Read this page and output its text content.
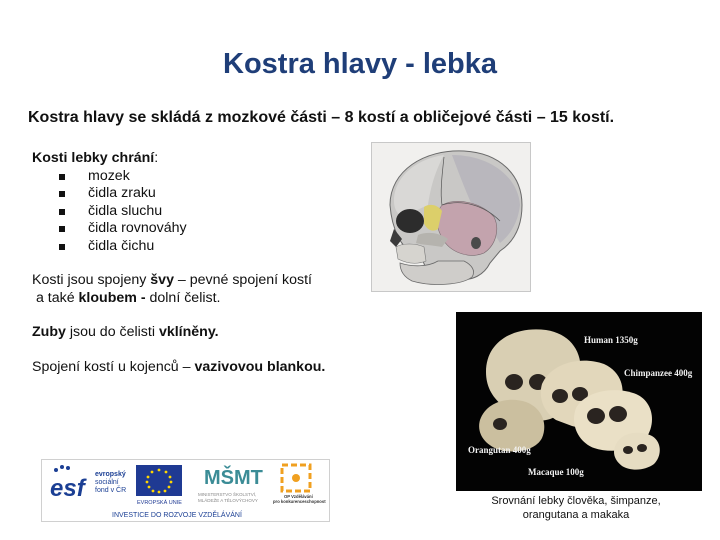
Kostra hlavy - lebka
Kostra hlavy se skládá z mozkové části – 8 kostí a obličejové části – 15 kostí.
Kosti lebky chrání:
mozek
čidla zraku
čidla sluchu
čidla rovnováhy
čidla čichu
Kosti jsou spojeny švy – pevné spojení kostí
a také kloubem - dolní čelist.
Zuby jsou do čelisti vklíněny.
Spojení kostí u kojenců – vazivovou blankou.
Human 1350g
Chimpanzee 400g
Orangutan 400g
Macaque 100g
Srovnání lebky člověka, šimpanze,
orangutana a makaka
esf
evropský
sociální
fond v ČR
EVROPSKÁ UNIE
MŠMT
MINISTERSTVO ŠKOLSTVÍ,
MLÁDEŽE A TĚLOVÝCHOVY
OP Vzdělávání
pro konkurenceschopnost
INVESTICE DO ROZVOJE VZDĚLÁVÁNÍ
